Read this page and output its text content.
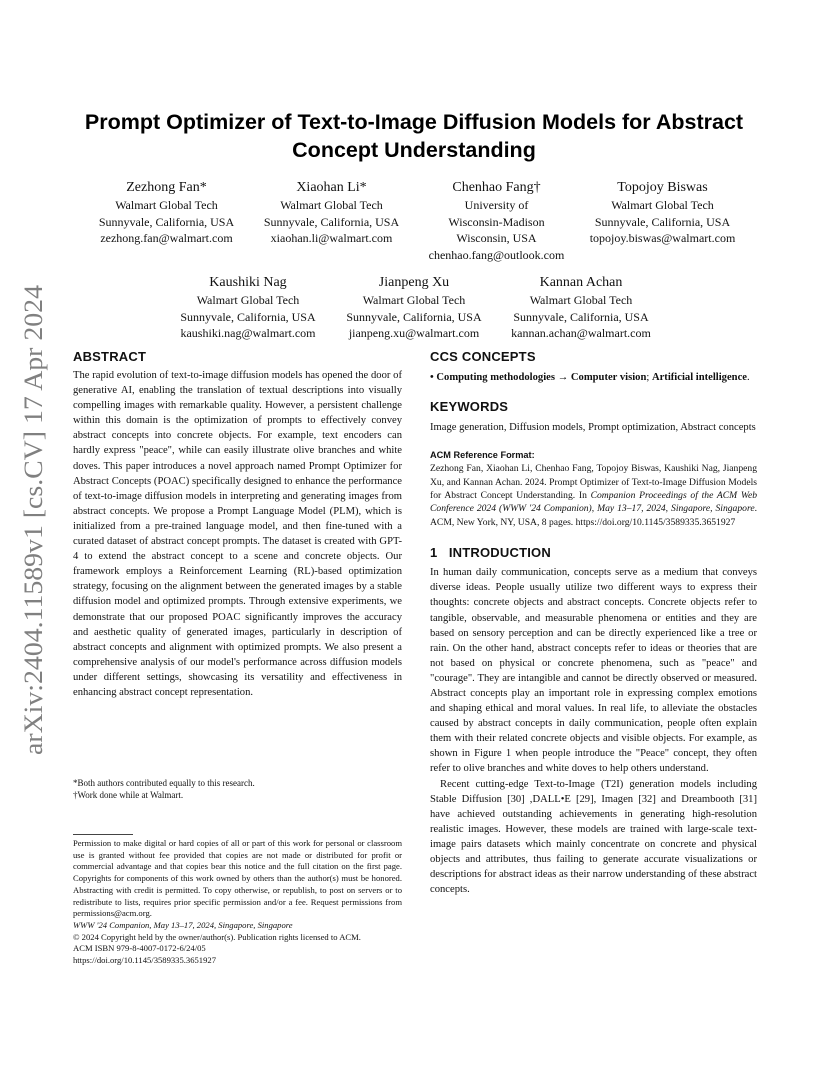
arXiv:2404.11589v1 [cs.CV] 17 Apr 2024
Prompt Optimizer of Text-to-Image Diffusion Models for Abstract
Concept Understanding
Zezhong Fan*
Walmart Global Tech
Sunnyvale, California, USA
zezhong.fan@walmart.com
Xiaohan Li*
Walmart Global Tech
Sunnyvale, California, USA
xiaohan.li@walmart.com
Chenhao Fang†
University of
Wisconsin-Madison
Wisconsin, USA
chenhao.fang@outlook.com
Topojoy Biswas
Walmart Global Tech
Sunnyvale, California, USA
topojoy.biswas@walmart.com
Kaushiki Nag
Walmart Global Tech
Sunnyvale, California, USA
kaushiki.nag@walmart.com
Jianpeng Xu
Walmart Global Tech
Sunnyvale, California, USA
jianpeng.xu@walmart.com
Kannan Achan
Walmart Global Tech
Sunnyvale, California, USA
kannan.achan@walmart.com
ABSTRACT

The rapid evolution of text-to-image diffusion models has opened the door of generative AI, enabling the translation of textual descriptions into visually compelling images with remarkable quality. However, a persistent challenge within this domain is the optimization of prompts to effectively convey abstract concepts into concrete objects. For example, text encoders can hardly express "peace", while can easily illustrate olive branches and white doves. This paper introduces a novel approach named Prompt Optimizer for Abstract Concepts (POAC) specifically designed to enhance the performance of text-to-image diffusion models in interpreting and generating images from abstract concepts. We propose a Prompt Language Model (PLM), which is initialized from a pre-trained language model, and then fine-tuned with a curated dataset of abstract concept prompts. The dataset is created with GPT-4 to extend the abstract concept to a scene and concrete objects. Our framework employs a Reinforcement Learning (RL)-based optimization strategy, focusing on the alignment between the generated images by a stable diffusion model and optimized prompts. Through extensive experiments, we demonstrate that our proposed POAC significantly improves the accuracy and aesthetic quality of generated images, particularly in description of abstract concepts and alignment with optimized prompts. We also present a comprehensive analysis of our model's performance across diffusion models under different settings, showcasing its versatility and effectiveness in enhancing abstract concept representation.

*Both authors contributed equally to this research.
†Work done while at Walmart.

Permission to make digital or hard copies of all or part of this work for personal or classroom use is granted without fee provided that copies are not made or distributed for profit or commercial advantage and that copies bear this notice and the full citation on the first page. Copyrights for components of this work owned by others than the author(s) must be honored. Abstracting with credit is permitted. To copy otherwise, or republish, to post on servers or to redistribute to lists, requires prior specific permission and/or a fee. Request permissions from permissions@acm.org.

WWW '24 Companion, May 13–17, 2024, Singapore, Singapore

© 2024 Copyright held by the owner/author(s). Publication rights licensed to ACM.

ACM ISBN 979-8-4007-0172-6/24/05

https://doi.org/10.1145/3589335.3651927

CCS CONCEPTS

• Computing methodologies → Computer vision; Artificial intelligence.

KEYWORDS

Image generation, Diffusion models, Prompt optimization, Abstract concepts

ACM Reference Format:

Zezhong Fan, Xiaohan Li, Chenhao Fang, Topojoy Biswas, Kaushiki Nag, Jianpeng Xu, and Kannan Achan. 2024. Prompt Optimizer of Text-to-Image Diffusion Models for Abstract Concept Understanding. In Companion Proceedings of the ACM Web Conference 2024 (WWW '24 Companion), May 13–17, 2024, Singapore, Singapore. ACM, New York, NY, USA, 8 pages. https://doi.org/10.1145/3589335.3651927

1   INTRODUCTION

In human daily communication, concepts serve as a medium that conveys diverse ideas. People usually utilize two different ways to express their thoughts: concrete objects and abstract concepts. Concrete objects refer to tangible, observable, and measurable phenomena or entities and they are based on sensory perception and can be directly experienced like a tree or rain. On the other hand, abstract concepts refer to ideas or theories that are not based on physical or concrete phenomena, such as "peace" and "courage". They are intangible and cannot be directly observed or measured. Abstract concepts play an important role in expressing complex emotions and shaping ethical and moral values. In real life, to alleviate the obstacles caused by abstract concepts in daily communication, people often explain them with their related concrete objects and visible objects. For example, as shown in Figure 1 when people introduce the "Peace" concept, they often refer to olive branches and white doves to help others understand.

Recent cutting-edge Text-to-Image (T2I) generation models including Stable Diffusion [30] ,DALL•E [29], Imagen [32] and Dreambooth [31] have achieved outstanding achievements in generating high-resolution realistic images. However, these models are trained with large-scale text-image pairs datasets which mainly concentrate on concrete and physical objects and attributes, thus failing to generate accurate visualizations or descriptions for abstract ideas as their narrow understanding of these abstract concepts.
